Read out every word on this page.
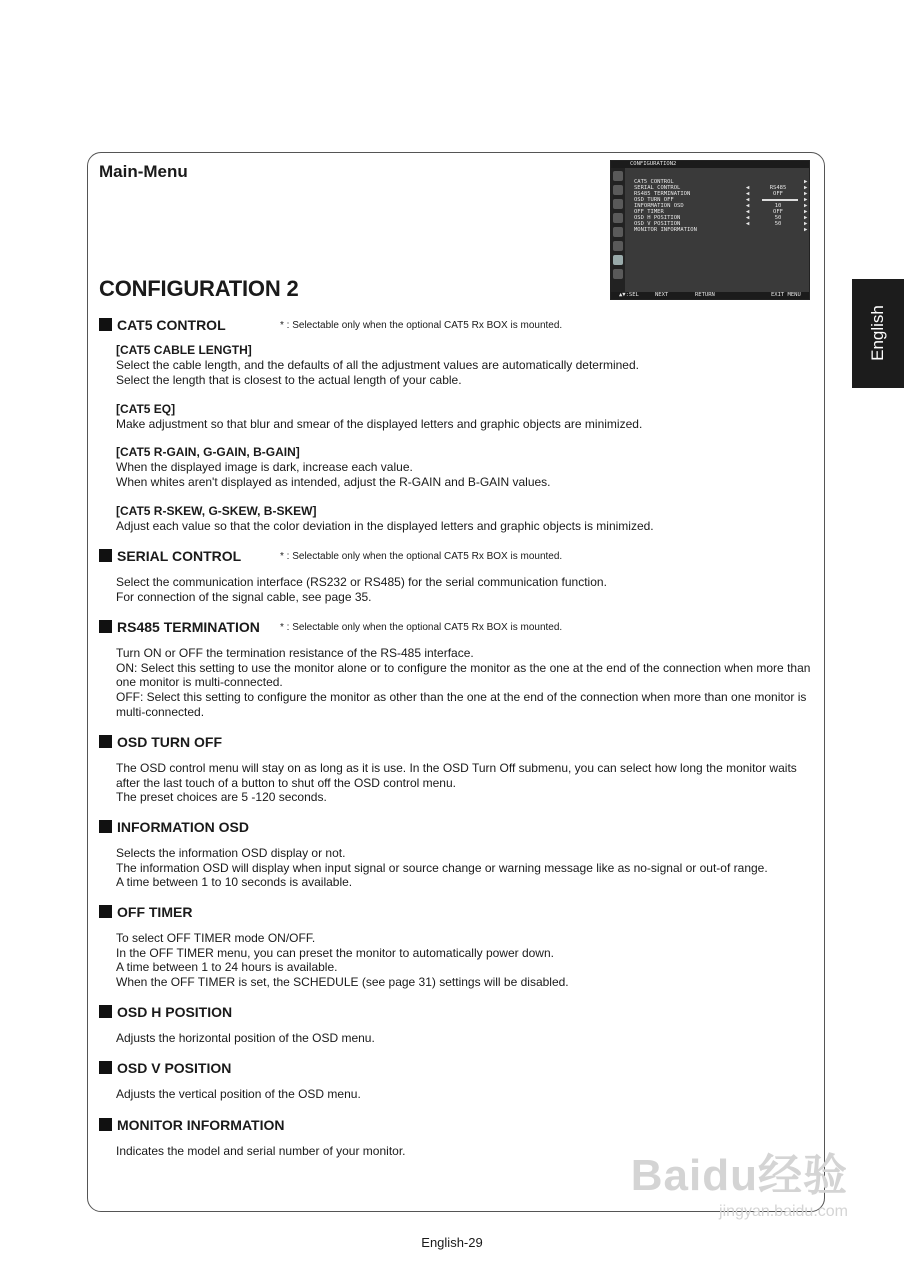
Main-Menu
CONFIGURATION 2
CONFIGURATION2
CAT5 CONTROL	▶
SERIAL CONTROL	◀	RS485	▶
RS485 TERMINATION	◀	OFF	▶
OSD TURN OFF	◀	▶
INFORMATION OSD	◀	10	▶
OFF TIMER	◀	OFF	▶
OSD H POSITION	◀	50	▶
OSD V POSITION	◀	50	▶
MONITOR INFORMATION	▶
▲▼:SEL	NEXT	RETURN	EXIT MENU
English
CAT5 CONTROL	* : Selectable only when the optional CAT5 Rx BOX is mounted.
[CAT5 CABLE LENGTH]
Select the cable length, and the defaults of all the adjustment values are automatically determined.
Select the length that is closest to the actual length of your cable.
[CAT5 EQ]
Make adjustment so that blur and smear of the displayed letters and graphic objects are minimized.
[CAT5 R-GAIN, G-GAIN, B-GAIN]
When the displayed image is dark, increase each value.
When whites aren't displayed as intended, adjust the R-GAIN and B-GAIN values.
[CAT5 R-SKEW, G-SKEW, B-SKEW]
Adjust each value so that the color deviation in the displayed letters and graphic objects is minimized.
SERIAL CONTROL	* : Selectable only when the optional CAT5 Rx BOX is mounted.
Select the communication interface (RS232 or RS485) for the serial communication function.
For connection of the signal cable, see page 35.
RS485 TERMINATION * : Selectable only when the optional CAT5 Rx BOX is mounted.
Turn ON or OFF the termination resistance of the RS-485 interface.
ON: Select this setting to use the monitor alone or to configure the monitor as the one at the end of the connection when more than one monitor is multi-connected.
OFF: Select this setting to configure the monitor as other than the one at the end of the connection when more than one monitor is multi-connected.
OSD TURN OFF
The OSD control menu will stay on as long as it is use. In the OSD Turn Off submenu, you can select how long the monitor waits after the last touch of a button to shut off the OSD control menu.
The preset choices are 5 -120 seconds.
INFORMATION OSD
Selects the information OSD display or not.
The information OSD will display when input signal or source change or warning message like as no-signal or out-of range.
A time between 1 to 10 seconds is available.
OFF TIMER
To select OFF TIMER mode ON/OFF.
In the OFF TIMER menu, you can preset the monitor to automatically power down.
A time between 1 to 24 hours is available.
When the OFF TIMER is set, the SCHEDULE (see page 31) settings will be disabled.
OSD H POSITION
Adjusts the horizontal position of the OSD menu.
OSD V POSITION
Adjusts the vertical position of the OSD menu.
MONITOR INFORMATION
Indicates the model and serial number of your monitor.	Baidu经验
jingyan.baidu.com
English-29
